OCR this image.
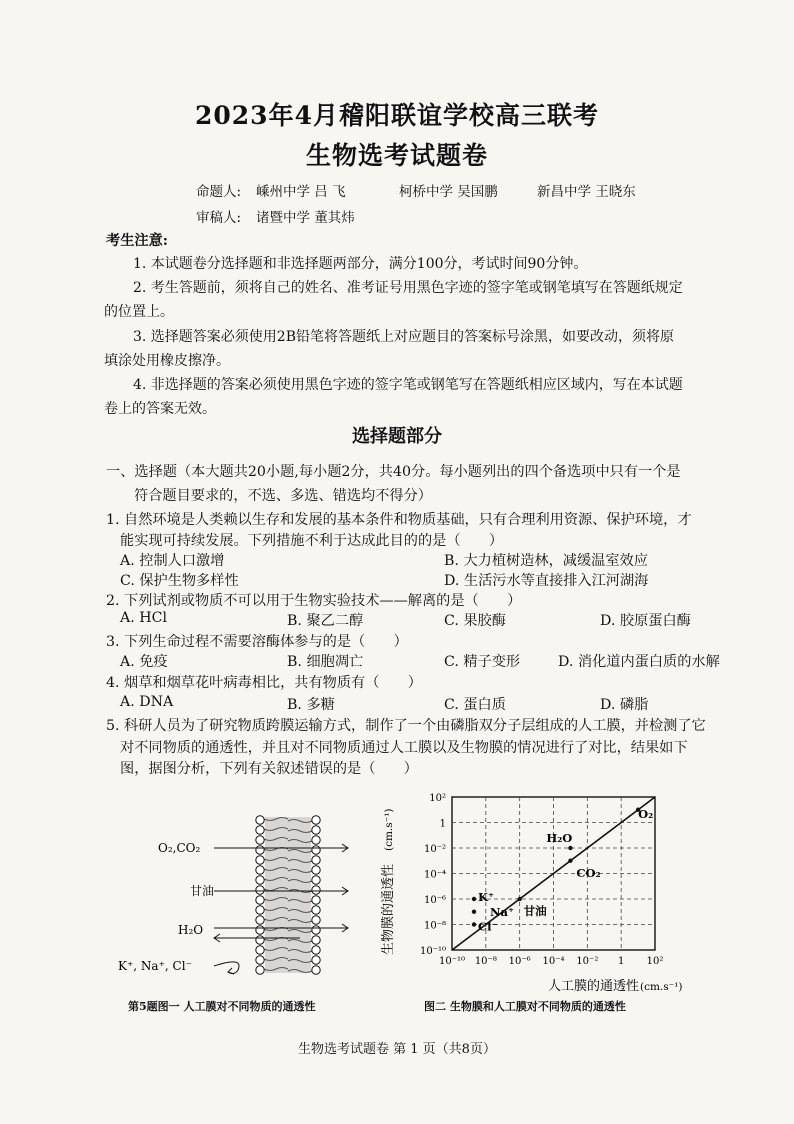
2023年4月稽阳联谊学校高三联考
生物选考试题卷
命题人: 嵊州中学 吕 飞	柯桥中学 吴国鹏	新昌中学 王晓东
审稿人: 诸暨中学 董其炜
考生注意:
1. 本试题卷分选择题和非选择题两部分，满分100分，考试时间90分钟。
2. 考生答题前，须将自己的姓名、准考证号用黑色字迹的签字笔或钢笔填写在答题纸规定
的位置上。
3. 选择题答案必须使用2B铅笔将答题纸上对应题目的答案标号涂黑，如要改动，须将原
填涂处用橡皮擦净。
4. 非选择题的答案必须使用黑色字迹的签字笔或钢笔写在答题纸相应区域内，写在本试题
卷上的答案无效。
选择题部分
一、选择题（本大题共20小题,每小题2分，共40分。每小题列出的四个备选项中只有一个是
符合题目要求的，不选、多选、错选均不得分）
1. 自然环境是人类赖以生存和发展的基本条件和物质基础，只有合理利用资源、保护环境，才
能实现可持续发展。下列措施不利于达成此目的的是（　　）
A. 控制人口激增	B. 大力植树造林，减缓温室效应
C. 保护生物多样性	D. 生活污水等直接排入江河湖海
2. 下列试剂或物质不可以用于生物实验技术——解离的是（　　）
A. HCl	B. 聚乙二醇	C. 果胶酶	D. 胶原蛋白酶
3. 下列生命过程不需要溶酶体参与的是（　　）
A. 免疫	B. 细胞凋亡	C. 精子变形	D. 消化道内蛋白质的水解
4. 烟草和烟草花叶病毒相比，共有物质有（　　）
A. DNA	B. 多糖	C. 蛋白质	D. 磷脂
5. 科研人员为了研究物质跨膜运输方式，制作了一个由磷脂双分子层组成的人工膜，并检测了它
对不同物质的通透性，并且对不同物质通过人工膜以及生物膜的情况进行了对比，结果如下
图，据图分析，下列有关叙述错误的是（　　）
O₂,CO₂
甘油
H₂O
K⁺, Na⁺, Cl⁻
第5题图一 人工膜对不同物质的通透性
10⁻¹⁰ 10⁻⁸ 10⁻⁶ 10⁻⁴ 10⁻² 1 10²
10²
1
10⁻²
10⁻⁴
10⁻⁶
10⁻⁸
10⁻¹⁰
O₂
H₂O
CO₂
甘油
K⁺
Na⁺
Cl⁻
生物膜的通透性
(cm.s⁻¹)
人工膜的通透性 (cm.s⁻¹)
图二 生物膜和人工膜对不同物质的通透性
生物选考试题卷 第 1 页（共8页）
